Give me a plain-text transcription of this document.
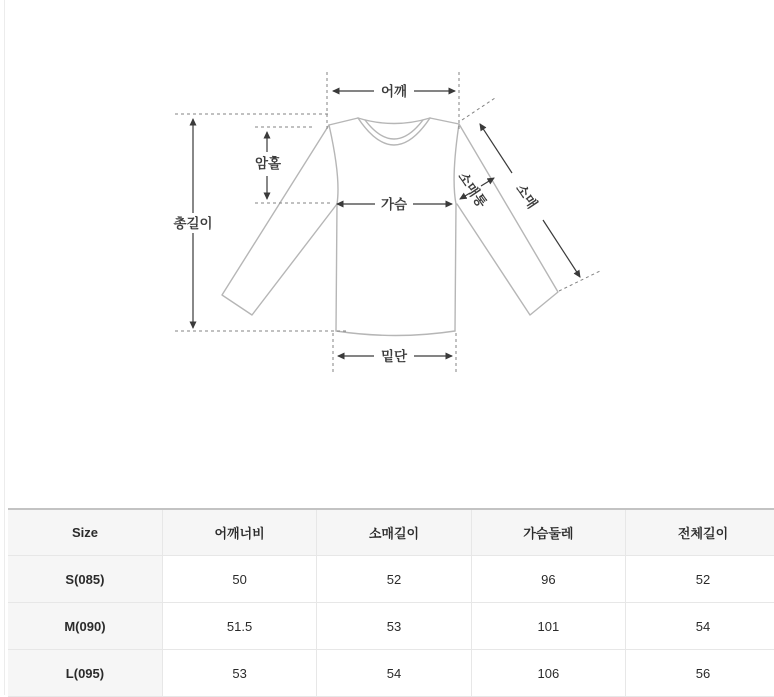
어깨
암홀
가슴
총길이
소매통 소매
밑단
Size	어깨너비	소매길이	가슴둘레	전체길이
S(085)	50	52	96	52
M(090)	51.5	53	101	54
L(095)	53	54	106	56
